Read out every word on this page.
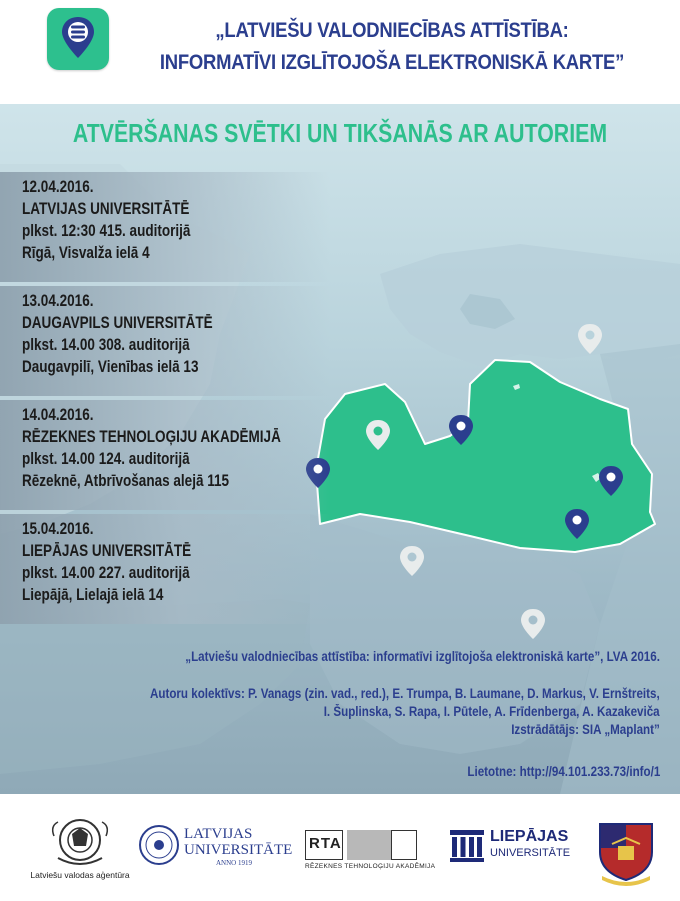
„LATVIEŠU VALODNIECĪBAS ATTĪSTĪBA:
INFORMATĪVI IZGLĪTOJOŠA ELEKTRONISKĀ KARTE”
ATVĒRŠANAS SVĒTKI UN TIKŠANĀS AR AUTORIEM
12.04.2016.
LATVIJAS UNIVERSITĀTĒ
plkst. 12:30 415. auditorijā
Rīgā, Visvalža ielā 4
13.04.2016.
DAUGAVPILS UNIVERSITĀTĒ
plkst. 14.00 308. auditorijā
Daugavpilī, Vienības ielā 13
14.04.2016.
RĒZEKNES TEHNOLOĢIJU AKADĒMIJĀ
plkst. 14.00 124. auditorijā
Rēzeknē, Atbrīvošanas alejā 115
15.04.2016.
LIEPĀJAS UNIVERSITĀTĒ
plkst. 14.00 227. auditorijā
Liepājā, Lielajā ielā 14
„Latviešu valodniecības attīstība: informatīvi izglītojoša elektroniskā karte”, LVA 2016.
Autoru kolektīvs: P. Vanags (zin. vad., red.), E. Trumpa, B. Laumane, D. Markus, V. Ernštreits,
I. Šuplinska, S. Rapa, I. Pūtele, A. Frīdenberga, A. Kazakeviča
Izstrādātājs: SIA „Maplant”
Lietotne: http://94.101.233.73/info/1
Latviešu valodas aģentūra
LATVIJAS
UNIVERSITĀTE
ANNO 1919
RTA
RĒZEKNES TEHNOLOĢIJU AKADĒMIJA
LIEPĀJAS
UNIVERSITĀTE
